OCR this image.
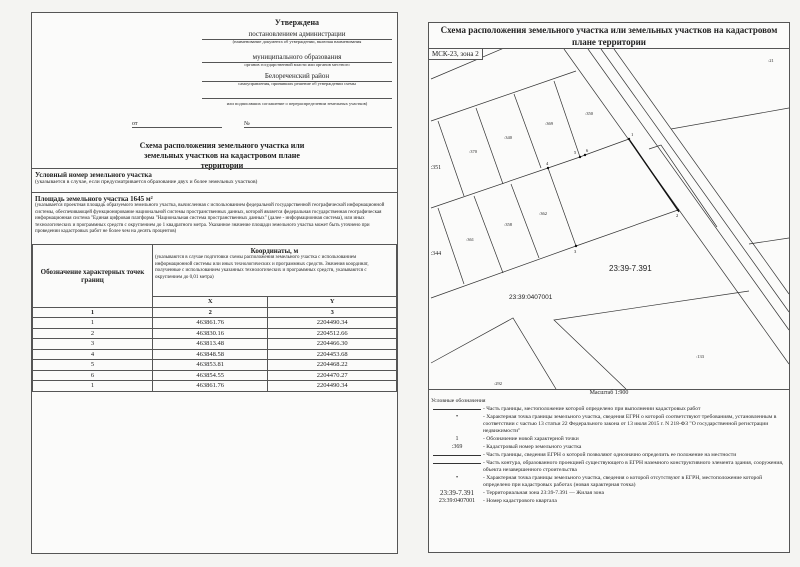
Утверждена
постановлением администрации
(наименование документа об утверждении, включая наименования
муниципального образования
органов государственной власти или органов местного
Белореченский район
самоуправления, принявших решение об утверждении схемы
или подписавших соглашение о перераспределении земельных участков)
от	№
Схема расположения земельного участка или земельных участков на кадастровом плане территории
Условный номер земельного участка
(указывается в случае, если предусматривается образование двух и более земельных участков)
Площадь земельного участка 1645 м²
(указывается проектная площадь образуемого земельного участка, вычисленная с использованием федеральной государственной географической информационной системы, обеспечивающей функционирование национальной системы пространственных данных, которой является федеральная государственная географическая информационная система "Единая цифровая платформа "Национальная система пространственных данных" (далее - информационная система), или иных технологических и программных средств с округлением до 1 квадратного метра. Указанное значение площади земельного участка может быть уточнено при проведении кадастровых работ не более чем на десять процентов)
Обозначение характерных точек границ	Координаты, м
(указываются в случае подготовки схемы расположения земельного участка с использованием информационной системы или иных технологических и программных средств. Значения координат, полученные с использованием указанных технологических и программных средств, указываются с округлением до 0,01 метра)	

	X	Y
1	2	3
1	463861.76	2204490.34
2	463830.16	2204512.66
3	463813.48	2204466.30
4	463848.58	2204453.68
5	463853.81	2204468.22
6	463854.55	2204470.27
1	463861.76	2204490.34

Схема расположения земельного участка или земельных участков на кадастровом плане территории
1
2
3
4
5 6
:21
:350
:369
:340
:370
:351
:362
:358
:361
:344
:133
:292
23:39-7.391
23:39:0407001
МСК-23, зона 2
Масштаб 1:900
Условные обозначения
- Часть границы, местоположение которой определено при выполнении кадастровых работ
•	- Характерная точка границы земельного участка, сведения ЕГРН о которой соответствуют требованиям, установленным в соответствии с частью 13 статьи 22 Федерального закона от 13 июля 2015 г. N 218-ФЗ "О государственной регистрации недвижимости"
1	- Обозначение новой характерной точки
:369	- Кадастровый номер земельного участка
- Часть границы, сведения ЕГРН о которой позволяют однозначно определить ее положение на местности
- Часть контура, образованного проекцией существующего в ЕГРН наземного конструктивного элемента здания, сооружения, объекта незавершенного строительства
•	- Характерная точка границы земельного участка, сведения о которой отсутствуют в ЕГРН, местоположение которой определено при кадастровых работах (новая характерная точка)
23:39-7.391	- Территориальная зона 23:39-7.391 — Жилая зона
23:39:0407001	- Номер кадастрового квартала
